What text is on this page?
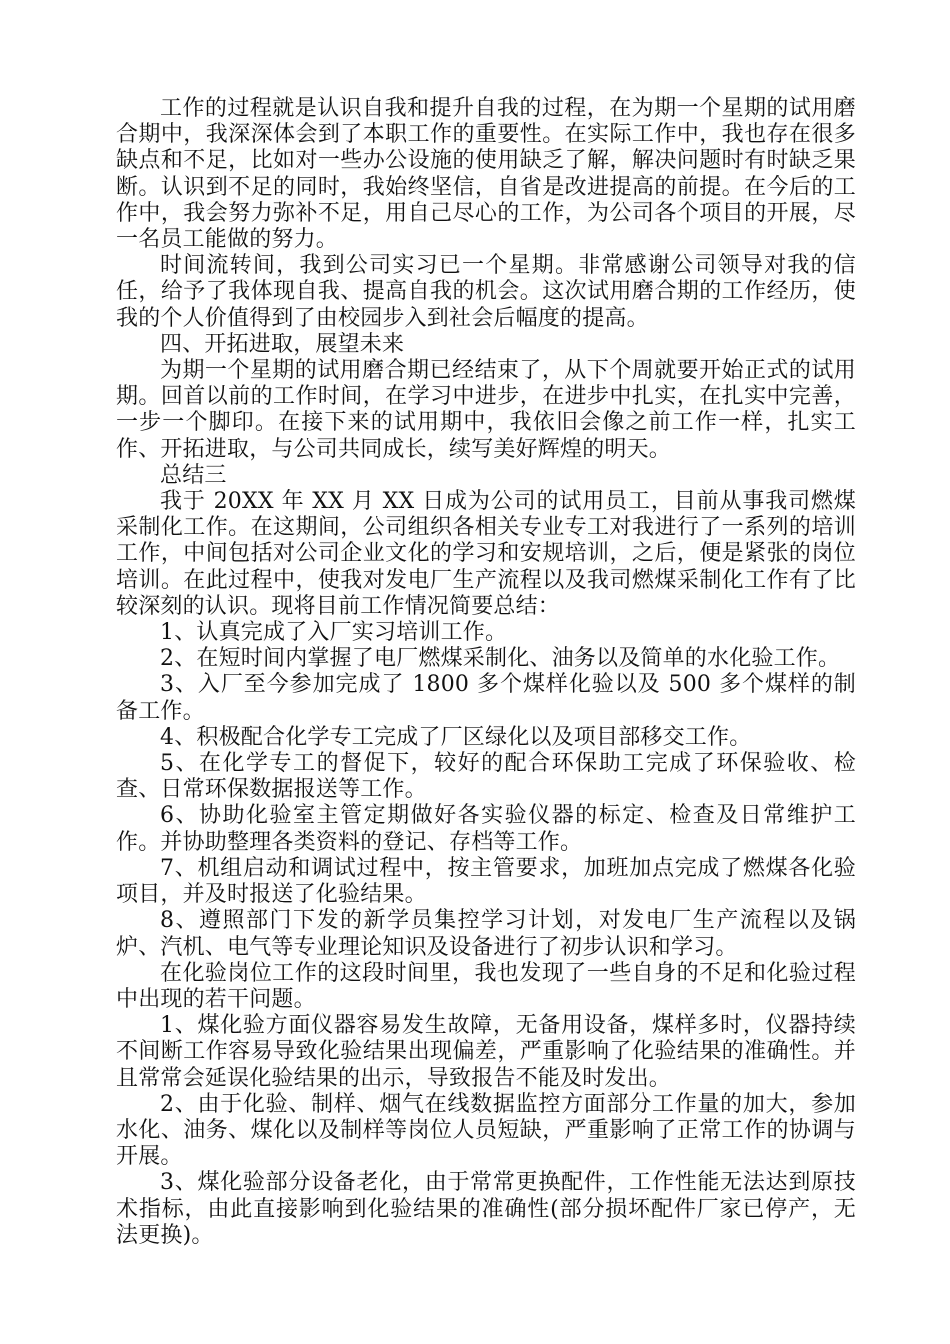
工作的过程就是认识自我和提升自我的过程，在为期一个星期的试用磨合期中，我深深体会到了本职工作的重要性。在实际工作中，我也存在很多缺点和不足，比如对一些办公设施的使用缺乏了解，解决问题时有时缺乏果断。认识到不足的同时，我始终坚信，自省是改进提高的前提。在今后的工作中，我会努力弥补不足，用自己尽心的工作，为公司各个项目的开展，尽一名员工能做的努力。

时间流转间，我到公司实习已一个星期。非常感谢公司领导对我的信任，给予了我体现自我、提高自我的机会。这次试用磨合期的工作经历，使我的个人价值得到了由校园步入到社会后幅度的提高。

四、开拓进取，展望未来

为期一个星期的试用磨合期已经结束了，从下个周就要开始正式的试用期。回首以前的工作时间，在学习中进步，在进步中扎实，在扎实中完善，一步一个脚印。在接下来的试用期中，我依旧会像之前工作一样，扎实工作、开拓进取，与公司共同成长，续写美好辉煌的明天。

总结三

我于 20XX 年 XX 月 XX 日成为公司的试用员工，目前从事我司燃煤采制化工作。在这期间，公司组织各相关专业专工对我进行了一系列的培训工作，中间包括对公司企业文化的学习和安规培训，之后，便是紧张的岗位培训。在此过程中，使我对发电厂生产流程以及我司燃煤采制化工作有了比较深刻的认识。现将目前工作情况简要总结：

1、认真完成了入厂实习培训工作。

2、在短时间内掌握了电厂燃煤采制化、油务以及简单的水化验工作。

3、入厂至今参加完成了 1800 多个煤样化验以及 500 多个煤样的制备工作。

4、积极配合化学专工完成了厂区绿化以及项目部移交工作。

5、在化学专工的督促下，较好的配合环保助工完成了环保验收、检查、日常环保数据报送等工作。

6、协助化验室主管定期做好各实验仪器的标定、检查及日常维护工作。并协助整理各类资料的登记、存档等工作。

7、机组启动和调试过程中，按主管要求，加班加点完成了燃煤各化验项目，并及时报送了化验结果。

8、遵照部门下发的新学员集控学习计划，对发电厂生产流程以及锅炉、汽机、电气等专业理论知识及设备进行了初步认识和学习。

在化验岗位工作的这段时间里，我也发现了一些自身的不足和化验过程中出现的若干问题。

1、煤化验方面仪器容易发生故障，无备用设备，煤样多时，仪器持续不间断工作容易导致化验结果出现偏差，严重影响了化验结果的准确性。并且常常会延误化验结果的出示，导致报告不能及时发出。

2、由于化验、制样、烟气在线数据监控方面部分工作量的加大，参加水化、油务、煤化以及制样等岗位人员短缺，严重影响了正常工作的协调与开展。

3、煤化验部分设备老化，由于常常更换配件，工作性能无法达到原技术指标，由此直接影响到化验结果的准确性(部分损坏配件厂家已停产，无法更换)。
